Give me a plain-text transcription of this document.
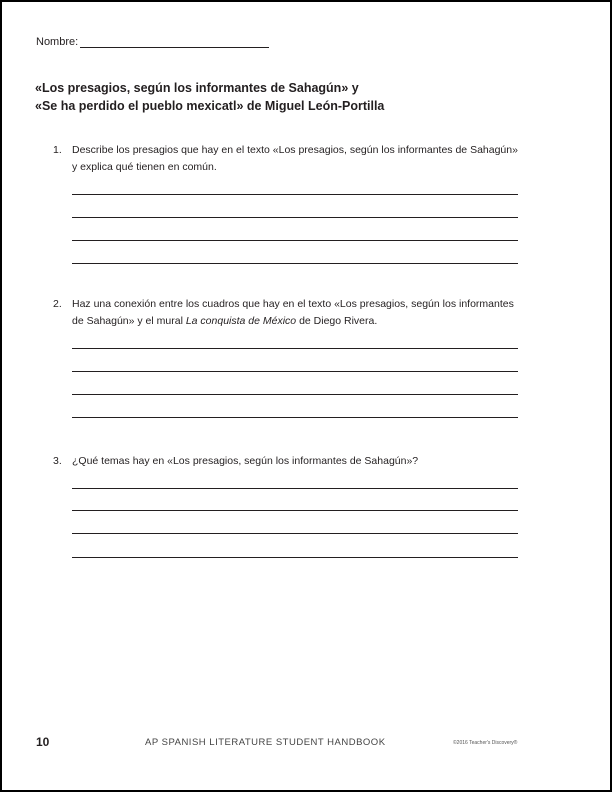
Nombre:
«Los presagios, según los informantes de Sahagún» y
«Se ha perdido el pueblo mexicatl» de Miguel León-Portilla
1. Describe los presagios que hay en el texto «Los presagios, según los informantes de Sahagún» y explica qué tienen en común.
2. Haz una conexión entre los cuadros que hay en el texto «Los presagios, según los informantes de Sahagún» y el mural La conquista de México de Diego Rivera.
3. ¿Qué temas hay en «Los presagios, según los informantes de Sahagún»?
10	AP SPANISH LITERATURE STUDENT HANDBOOK	©2016 Teacher's Discovery®
